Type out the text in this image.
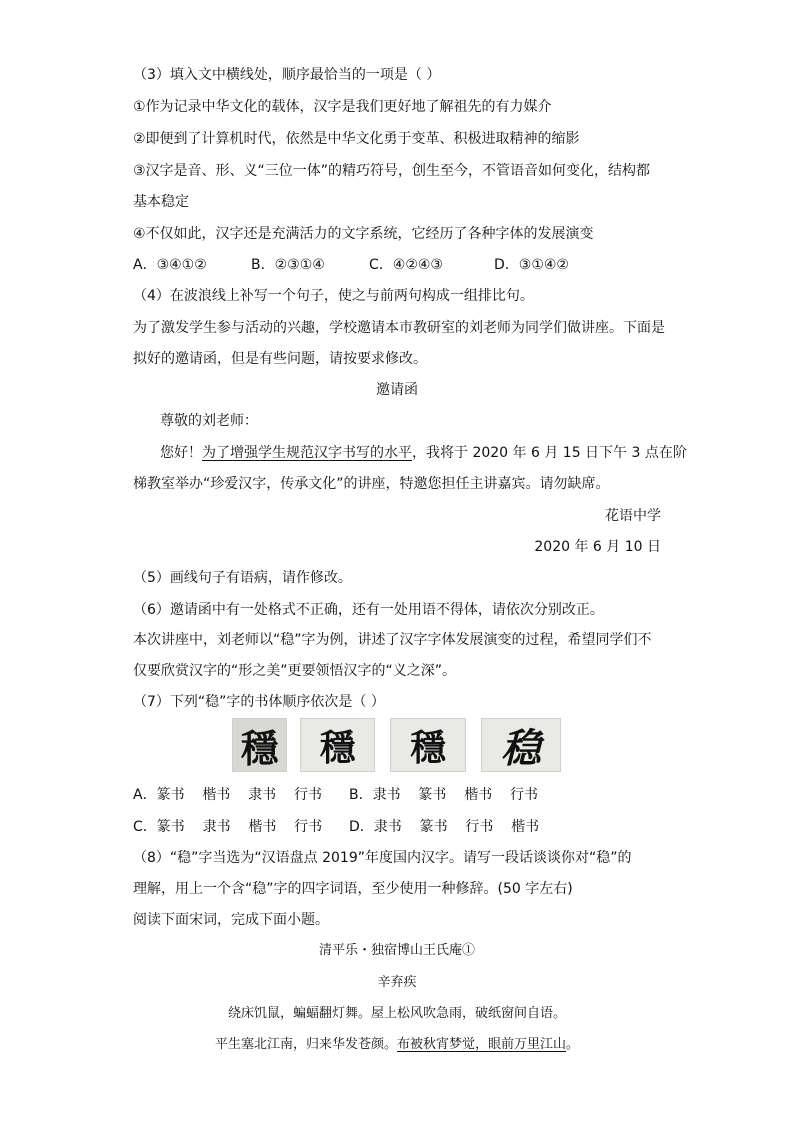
（3）填入文中横线处，顺序最恰当的一项是（ ）
①作为记录中华文化的载体，汉字是我们更好地了解祖先的有力媒介
②即便到了计算机时代，依然是中华文化勇于变革、积极进取精神的缩影
③汉字是音、形、义“三位一体”的精巧符号，创生至今，不管语音如何变化，结构都
基本稳定
④不仅如此，汉字还是充满活力的文字系统，它经历了各种字体的发展演变
A．③④①②	B．②③①④	C．④②④③	D．③①④②
（4）在波浪线上补写一个句子，使之与前两句构成一组排比句。
为了激发学生参与活动的兴趣，学校邀请本市教研室的刘老师为同学们做讲座。下面是
拟好的邀请函，但是有些问题，请按要求修改。
邀请函
尊敬的刘老师：
您好！为了增强学生规范汉字书写的水平，我将于 2020 年 6 月 15 日下午 3 点在阶
梯教室举办“珍爱汉字，传承文化”的讲座，特邀您担任主讲嘉宾。请勿缺席。
花语中学
2020 年 6 月 10 日
（5）画线句子有语病，请作修改。
（6）邀请函中有一处格式不正确，还有一处用语不得体，请依次分别改正。
本次讲座中，刘老师以“稳”字为例，讲述了汉字字体发展演变的过程，希望同学们不
仅要欣赏汉字的“形之美”更要领悟汉字的“义之深”。
（7）下列“稳”字的书体顺序依次是（ ）
穩	穩	穩	稳
A．篆书    楷书    隶书    行书 B．隶书    篆书    楷书    行书
C．篆书    隶书    楷书    行书 D．隶书    篆书    行书    楷书
（8）“稳”字当选为“汉语盘点 2019”年度国内汉字。请写一段话谈谈你对“稳”的
理解，用上一个含“稳”字的四字词语，至少使用一种修辞。(50 字左右)
阅读下面宋词，完成下面小题。
清平乐・独宿博山王氏庵①
辛弃疾
绕床饥鼠，蝙蝠翻灯舞。屋上松风吹急雨，破纸窗间自语。
平生塞北江南，归来华发苍颜。布被秋宵梦觉，眼前万里江山。
